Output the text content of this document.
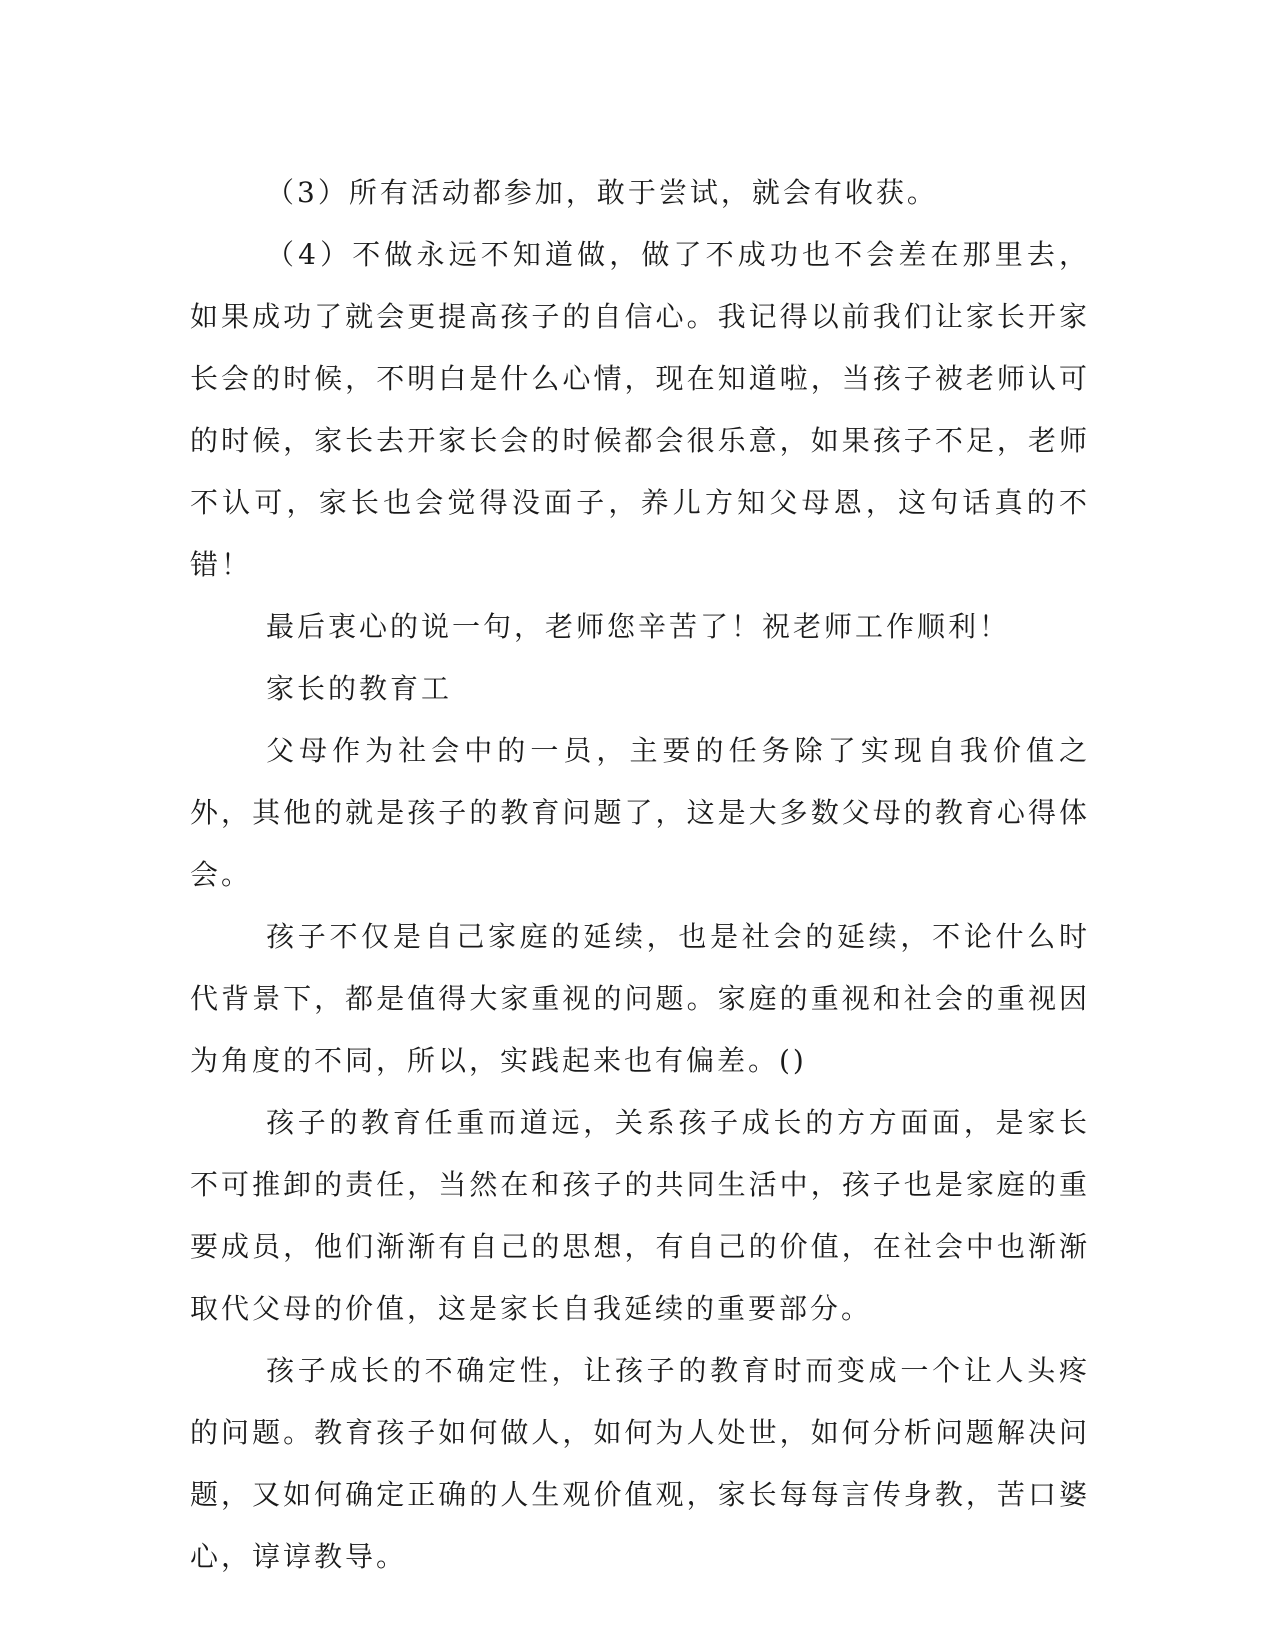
（3）所有活动都参加，敢于尝试，就会有收获。

（4）不做永远不知道做，做了不成功也不会差在那里去，如果成功了就会更提高孩子的自信心。我记得以前我们让家长开家长会的时候，不明白是什么心情，现在知道啦，当孩子被老师认可的时候，家长去开家长会的时候都会很乐意，如果孩子不足，老师不认可，家长也会觉得没面子，养儿方知父母恩，这句话真的不错！

最后衷心的说一句，老师您辛苦了！祝老师工作顺利！

家长的教育工

父母作为社会中的一员，主要的任务除了实现自我价值之外，其他的就是孩子的教育问题了，这是大多数父母的教育心得体会。

孩子不仅是自己家庭的延续，也是社会的延续，不论什么时代背景下，都是值得大家重视的问题。家庭的重视和社会的重视因为角度的不同，所以，实践起来也有偏差。()

孩子的教育任重而道远，关系孩子成长的方方面面，是家长不可推卸的责任，当然在和孩子的共同生活中，孩子也是家庭的重要成员，他们渐渐有自己的思想，有自己的价值，在社会中也渐渐取代父母的价值，这是家长自我延续的重要部分。

孩子成长的不确定性，让孩子的教育时而变成一个让人头疼的问题。教育孩子如何做人，如何为人处世，如何分析问题解决问题，又如何确定正确的人生观价值观，家长每每言传身教，苦口婆心，谆谆教导。
